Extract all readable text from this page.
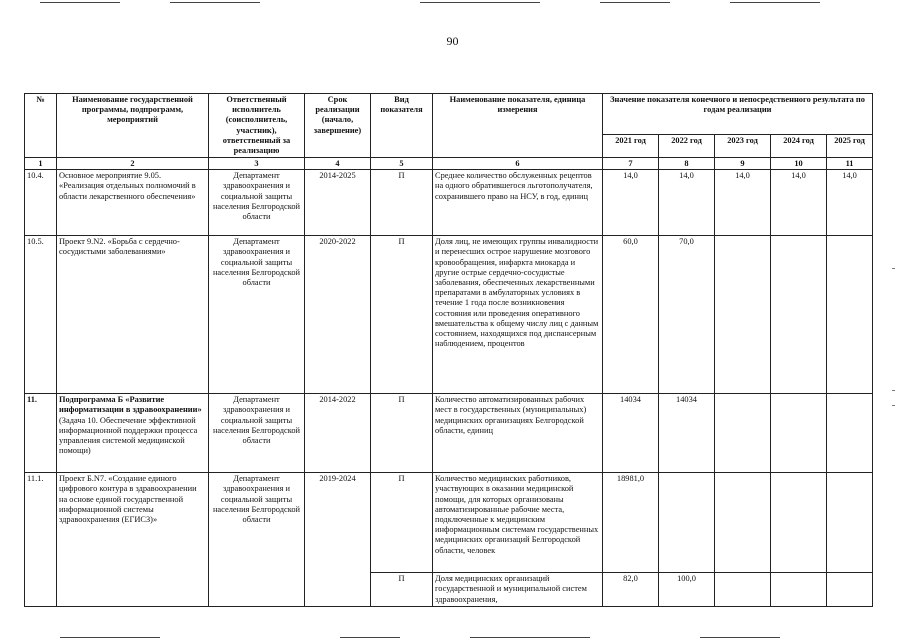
90
№	Наименование государственной программы, подпрограмм, мероприятий	Ответственный исполнитель (соисполнитель, участник), ответственный за реализацию	Срок реализации (начало, завершение)	Вид показателя	Наименование показателя, единица измерения	Значение показателя конечного и непосредственного результата по годам реализации				
						2021 год	2022 год	2023 год	2024 год	2025 год
1	2	3	4	5	6	7	8	9	10	11
10.4.	Основное мероприятие 9.05. «Реализация отдельных полномочий в области лекарственного обеспечения»	Департамент здравоохранения и социальной защиты населения Белгородской области	2014-2025	П	Среднее количество обслуженных рецептов на одного обратившегося льготополучателя, сохранившего право на НСУ, в год, единиц	14,0	14,0	14,0	14,0	14,0
10.5.	Проект 9.N2. «Борьба с сердечно-сосудистыми заболеваниями»	Департамент здравоохранения и социальной защиты населения Белгородской области	2020-2022	П	Доля лиц, не имеющих группы инвалидности и перенесших острое нарушение мозгового кровообращения, инфаркта миокарда и другие острые сердечно-сосудистые заболевания, обеспеченных лекарственными препаратами в амбулаторных условиях в течение 1 года после возникновения состояния или проведения оперативного вмешательства к общему числу лиц с данным состоянием, находящихся под диспансерным наблюдением, процентов	60,0	70,0			
11.	Подпрограмма Б «Развитие информатизации в здравоохранении» (Задача 10. Обеспечение эффективной информационной поддержки процесса управления системой медицинской помощи)	Департамент здравоохранения и социальной защиты населения Белгородской области	2014-2022	П	Количество автоматизированных рабочих мест в государственных (муниципальных) медицинских организациях Белгородской области, единиц	14034	14034			
11.1.	Проект Б.N7. «Создание единого цифрового контура в здравоохранении на основе единой государственной информационной системы здравоохранения (ЕГИСЗ)»	Департамент здравоохранения и социальной защиты населения Белгородской области	2019-2024	П	Количество медицинских работников, участвующих в оказании медицинской помощи, для которых организованы автоматизированные рабочие места, подключенные к медицинским информационным системам государственных медицинских организаций Белгородской области, человек	18981,0				
				П	Доля медицинских организаций государственной и муниципальной систем здравоохранения,	82,0	100,0			
